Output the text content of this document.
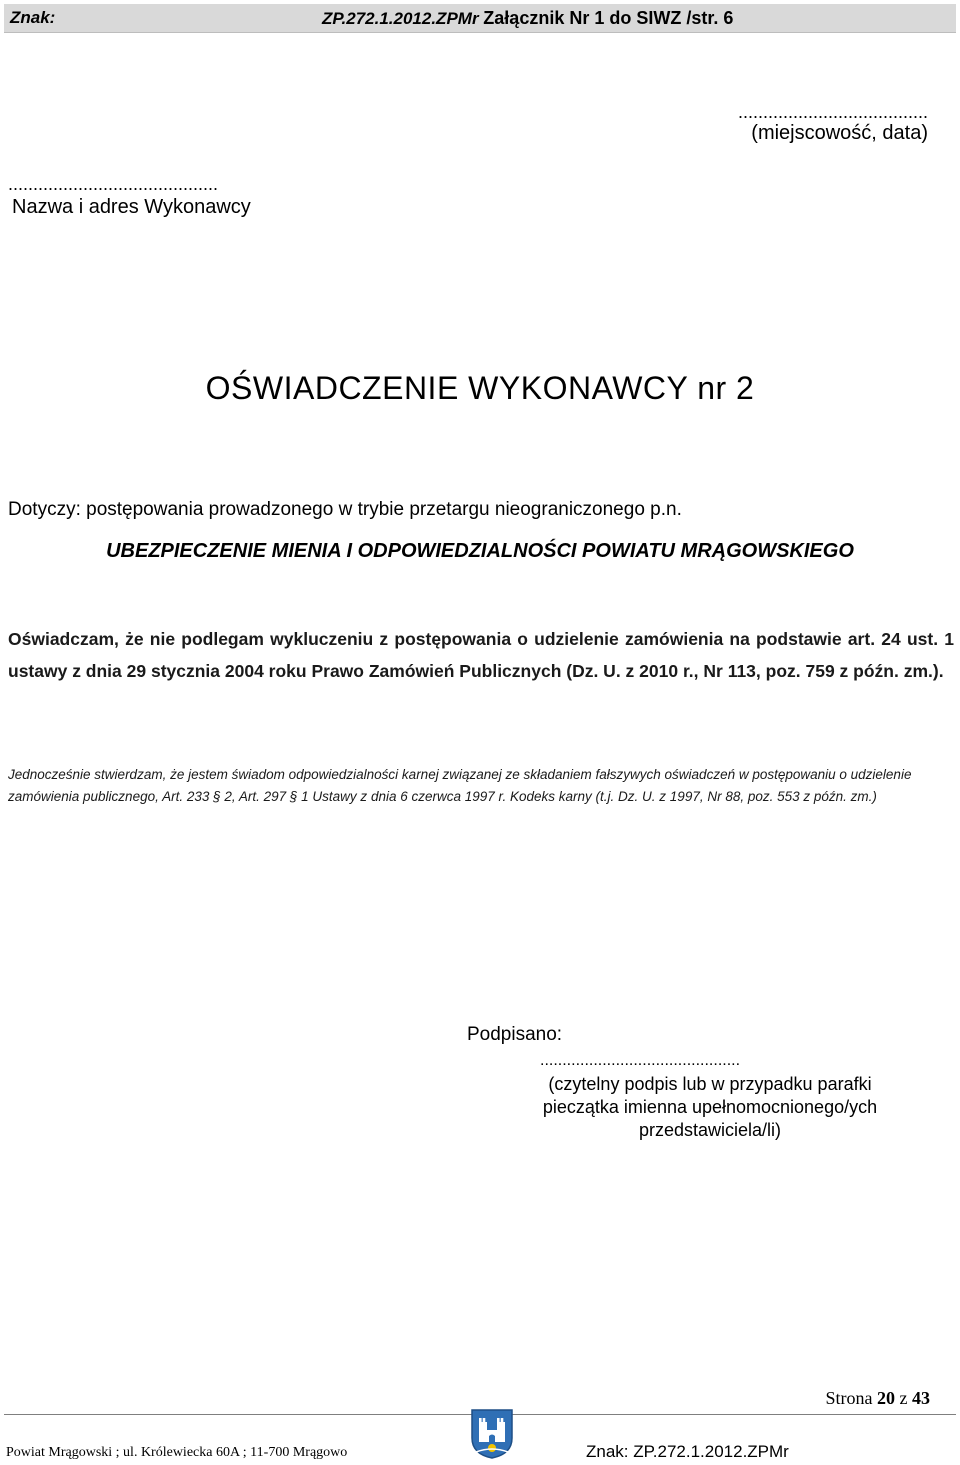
Znak:	ZP.272.1.2012.ZPMr Załącznik Nr 1 do SIWZ /str. 6
......................................
(miejscowość, data)
..........................................
Nazwa i adres Wykonawcy
OŚWIADCZENIE WYKONAWCY nr 2
Dotyczy: postępowania prowadzonego w trybie przetargu nieograniczonego p.n.
UBEZPIECZENIE MIENIA I ODPOWIEDZIALNOŚCI POWIATU MRĄGOWSKIEGO
Oświadczam, że nie podlegam wykluczeniu z postępowania o udzielenie zamówienia na podstawie art. 24 ust. 1 ustawy z dnia 29 stycznia 2004 roku Prawo Zamówień Publicznych (Dz. U. z 2010 r., Nr 113, poz. 759 z późn. zm.).
Jednocześnie stwierdzam, że jestem świadom odpowiedzialności karnej związanej ze składaniem fałszywych oświadczeń w postępowaniu o udzielenie zamówienia publicznego, Art. 233 § 2, Art. 297 § 1 Ustawy z dnia 6 czerwca 1997 r. Kodeks karny (t.j. Dz. U. z 1997, Nr 88, poz. 553 z późn. zm.)
Podpisano:
.............................................
(czytelny podpis lub w przypadku parafki
pieczątka imienna upełnomocnionego/ych
przedstawiciela/li)
Strona 20 z 43
Powiat Mrągowski ; ul. Królewiecka 60A ; 11-700 Mrągowo	Znak: ZP.272.1.2012.ZPMr
